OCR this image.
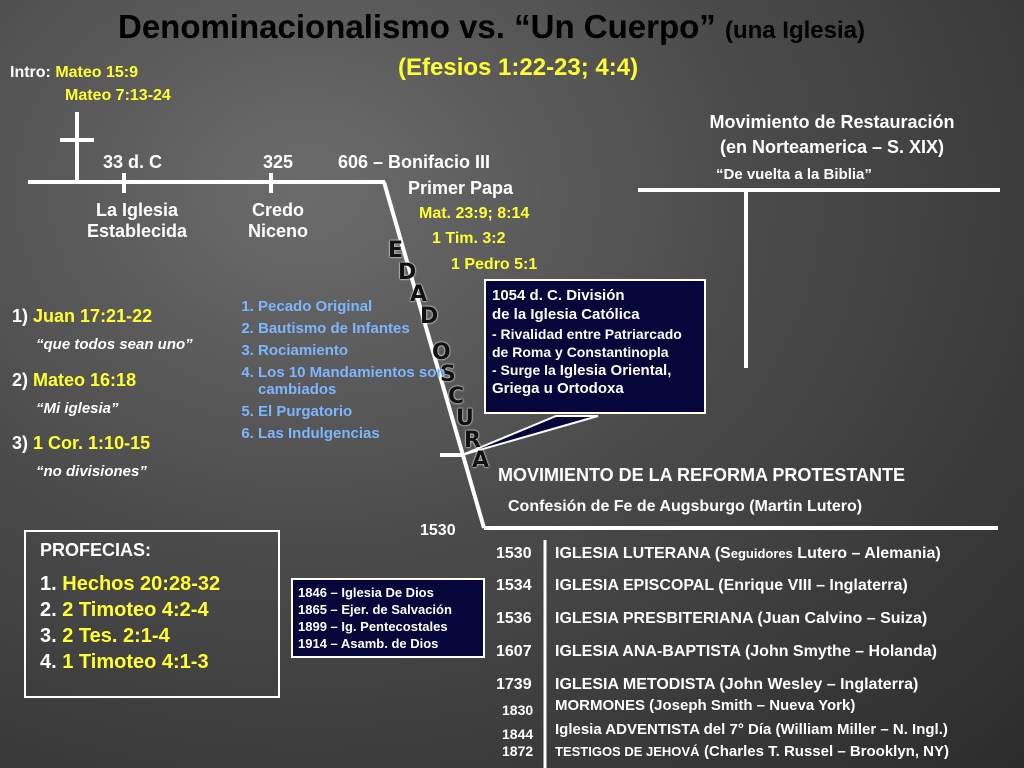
Denominacionalismo vs. “Un Cuerpo” (una Iglesia)
(Efesios 1:22-23; 4:4)
Intro: Mateo 15:9
Mateo 7:13-24
33 d. C	325 606 – Bonifacio III
La Iglesia
Establecida
Credo
Niceno
Primer Papa
Mat. 23:9; 8:14
1 Tim. 3:2
1 Pedro 5:1
E
D
A
D
O
S
C
U
R
A
Movimiento de Restauración
(en Norteamerica – S. XIX)
“De vuelta a la Biblia”
1054 d. C. División
de la Iglesia Católica
- Rivalidad entre Patriarcado
de Roma y Constantinopla
- Surge la Iglesia Oriental,
Griega u Ortodoxa
1) Juan 17:21-22
“que todos sean uno”
2) Mateo 16:18
“Mi iglesia”
3) 1 Cor. 1:10-15
“no divisiones”
1. Pecado Original
2. Bautismo de Infantes
3. Rociamiento
4. Los 10 Mandamientos son cambiados
5. El Purgatorio
6. Las Indulgencias
MOVIMIENTO DE LA REFORMA PROTESTANTE
Confesión de Fe de Augsburgo (Martin Lutero)
1530
PROFECIAS:
1. Hechos 20:28-32
2. 2 Timoteo 4:2-4
3. 2 Tes. 2:1-4
4. 1 Timoteo 4:1-3
1846 – Iglesia De Dios
1865 – Ejer. de Salvación
1899 – Ig. Pentecostales
1914 – Asamb. de Dios
1530 IGLESIA LUTERANA (Seguidores Lutero – Alemania)
1534 IGLESIA EPISCOPAL (Enrique VIII – Inglaterra)
1536 IGLESIA PRESBITERIANA (Juan Calvino – Suiza)
1607 IGLESIA ANA-BAPTISTA (John Smythe – Holanda)
1739 IGLESIA METODISTA (John Wesley – Inglaterra)
1830 MORMONES (Joseph Smith – Nueva York)
1844 Iglesia ADVENTISTA del 7° Día (William Miller – N. Ingl.)
1872 TESTIGOS DE JEHOVÁ (Charles T. Russel – Brooklyn, NY)
